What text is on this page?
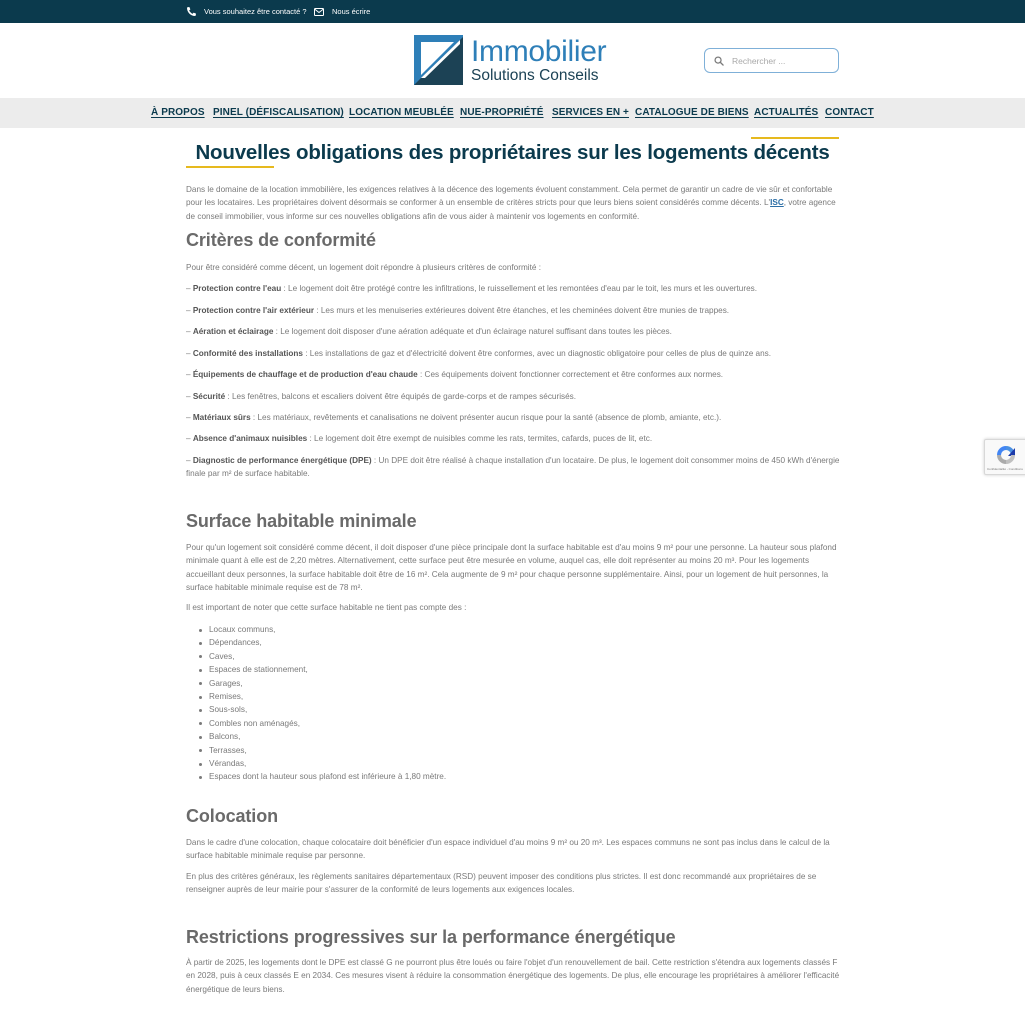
Vous souhaitez être contacté ?	Nous écrire
Immobilier
Solutions Conseils
Rechercher ...
À PROPOS PINEL (DÉFISCALISATION) LOCATION MEUBLÉE NUE-PROPRIÉTÉ SERVICES EN + CATALOGUE DE BIENS ACTUALITÉS CONTACT
Nouvelles obligations des propriétaires sur les logements décents

Dans le domaine de la location immobilière, les exigences relatives à la décence des logements évoluent constamment. Cela permet de garantir un cadre de vie sûr et confortable pour les locataires. Les propriétaires doivent désormais se conformer à un ensemble de critères stricts pour que leurs biens soient considérés comme décents. L'ISC, votre agence de conseil immobilier, vous informe sur ces nouvelles obligations afin de vous aider à maintenir vos logements en conformité.

Critères de conformité

Pour être considéré comme décent, un logement doit répondre à plusieurs critères de conformité :

– Protection contre l'eau : Le logement doit être protégé contre les infiltrations, le ruissellement et les remontées d'eau par le toit, les murs et les ouvertures.

– Protection contre l'air extérieur : Les murs et les menuiseries extérieures doivent être étanches, et les cheminées doivent être munies de trappes.

– Aération et éclairage : Le logement doit disposer d'une aération adéquate et d'un éclairage naturel suffisant dans toutes les pièces.

– Conformité des installations : Les installations de gaz et d'électricité doivent être conformes, avec un diagnostic obligatoire pour celles de plus de quinze ans.

– Équipements de chauffage et de production d'eau chaude : Ces équipements doivent fonctionner correctement et être conformes aux normes.

– Sécurité : Les fenêtres, balcons et escaliers doivent être équipés de garde-corps et de rampes sécurisés.

– Matériaux sûrs : Les matériaux, revêtements et canalisations ne doivent présenter aucun risque pour la santé (absence de plomb, amiante, etc.).

– Absence d'animaux nuisibles : Le logement doit être exempt de nuisibles comme les rats, termites, cafards, puces de lit, etc.

– Diagnostic de performance énergétique (DPE) : Un DPE doit être réalisé à chaque installation d'un locataire. De plus, le logement doit consommer moins de 450 kWh d'énergie finale par m² de surface habitable.

Surface habitable minimale

Pour qu'un logement soit considéré comme décent, il doit disposer d'une pièce principale dont la surface habitable est d'au moins 9 m² pour une personne. La hauteur sous plafond minimale quant à elle est de 2,20 mètres. Alternativement, cette surface peut être mesurée en volume, auquel cas, elle doit représenter au moins 20 m³. Pour les logements accueillant deux personnes, la surface habitable doit être de 16 m². Cela augmente de 9 m² pour chaque personne supplémentaire. Ainsi, pour un logement de huit personnes, la surface habitable minimale requise est de 78 m².

Il est important de noter que cette surface habitable ne tient pas compte des :

Locaux communs,
Dépendances,
Caves,
Espaces de stationnement,
Garages,
Remises,
Sous-sols,
Combles non aménagés,
Balcons,
Terrasses,
Vérandas,
Espaces dont la hauteur sous plafond est inférieure à 1,80 mètre.
Colocation

Dans le cadre d'une colocation, chaque colocataire doit bénéficier d'un espace individuel d'au moins 9 m² ou 20 m³. Les espaces communs ne sont pas inclus dans le calcul de la surface habitable minimale requise par personne.

En plus des critères généraux, les règlements sanitaires départementaux (RSD) peuvent imposer des conditions plus strictes. Il est donc recommandé aux propriétaires de se renseigner auprès de leur mairie pour s'assurer de la conformité de leurs logements aux exigences locales.

Restrictions progressives sur la performance énergétique

À partir de 2025, les logements dont le DPE est classé G ne pourront plus être loués ou faire l'objet d'un renouvellement de bail. Cette restriction s'étendra aux logements classés F en 2028, puis à ceux classés E en 2034. Ces mesures visent à réduire la consommation énergétique des logements. De plus, elle encourage les propriétaires à améliorer l'efficacité énergétique de leurs biens.

Confidentialité - Conditions
